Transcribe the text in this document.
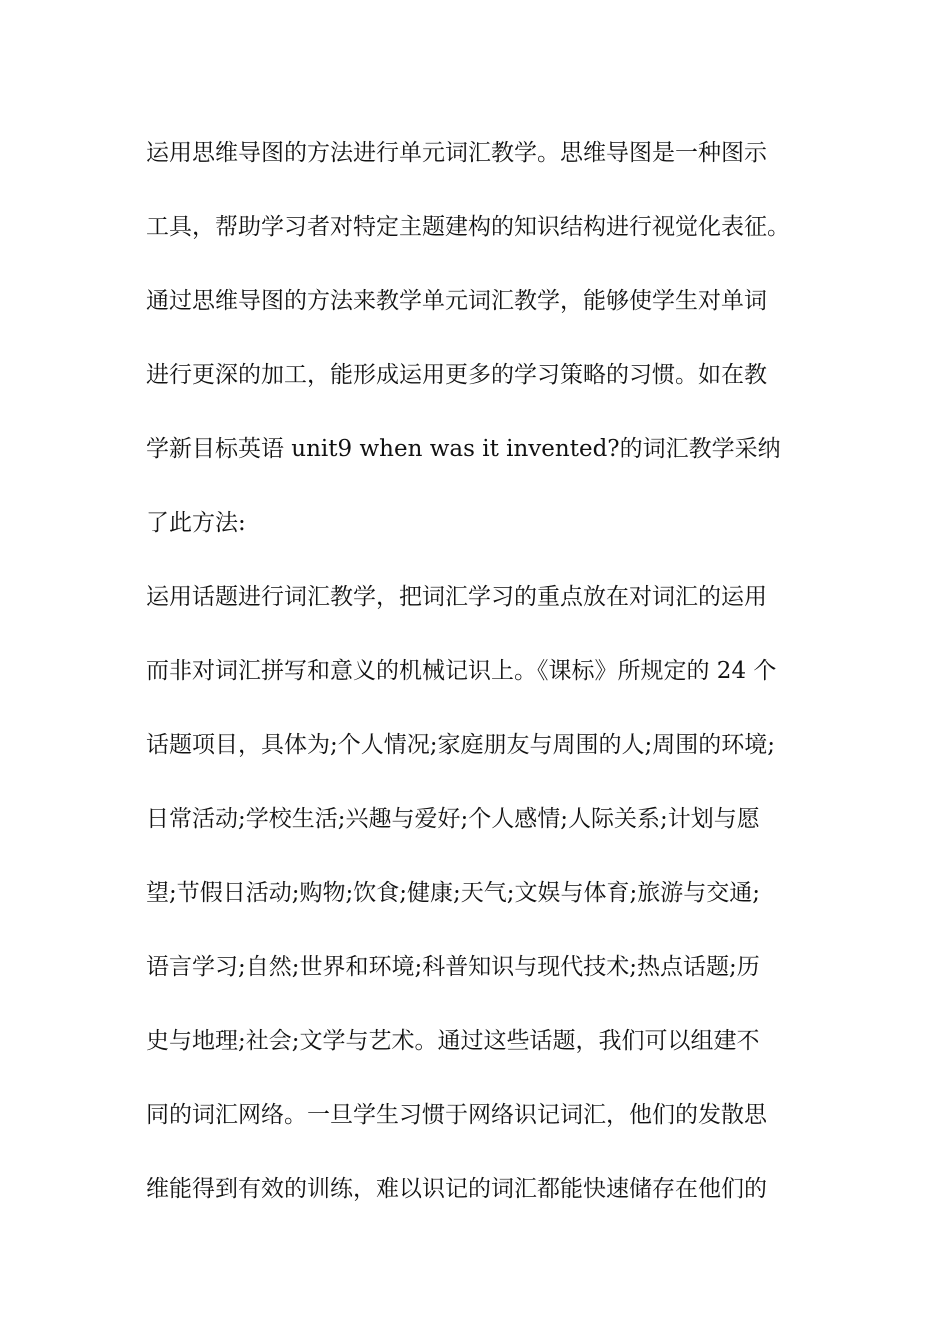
运用思维导图的方法进行单元词汇教学。思维导图是一种图示
工具，帮助学习者对特定主题建构的知识结构进行视觉化表征。
通过思维导图的方法来教学单元词汇教学，能够使学生对单词
进行更深的加工，能形成运用更多的学习策略的习惯。如在教
学新目标英语 unit9 when was it invented?的词汇教学采纳
了此方法:
运用话题进行词汇教学，把词汇学习的重点放在对词汇的运用
而非对词汇拼写和意义的机械记识上。《课标》所规定的 24 个
话题项目，具体为;个人情况;家庭朋友与周围的人;周围的环境;
日常活动;学校生活;兴趣与爱好;个人感情;人际关系;计划与愿
望;节假日活动;购物;饮食;健康;天气;文娱与体育;旅游与交通;
语言学习;自然;世界和环境;科普知识与现代技术;热点话题;历
史与地理;社会;文学与艺术。通过这些话题，我们可以组建不
同的词汇网络。一旦学生习惯于网络识记词汇，他们的发散思
维能得到有效的训练，难以识记的词汇都能快速储存在他们的
